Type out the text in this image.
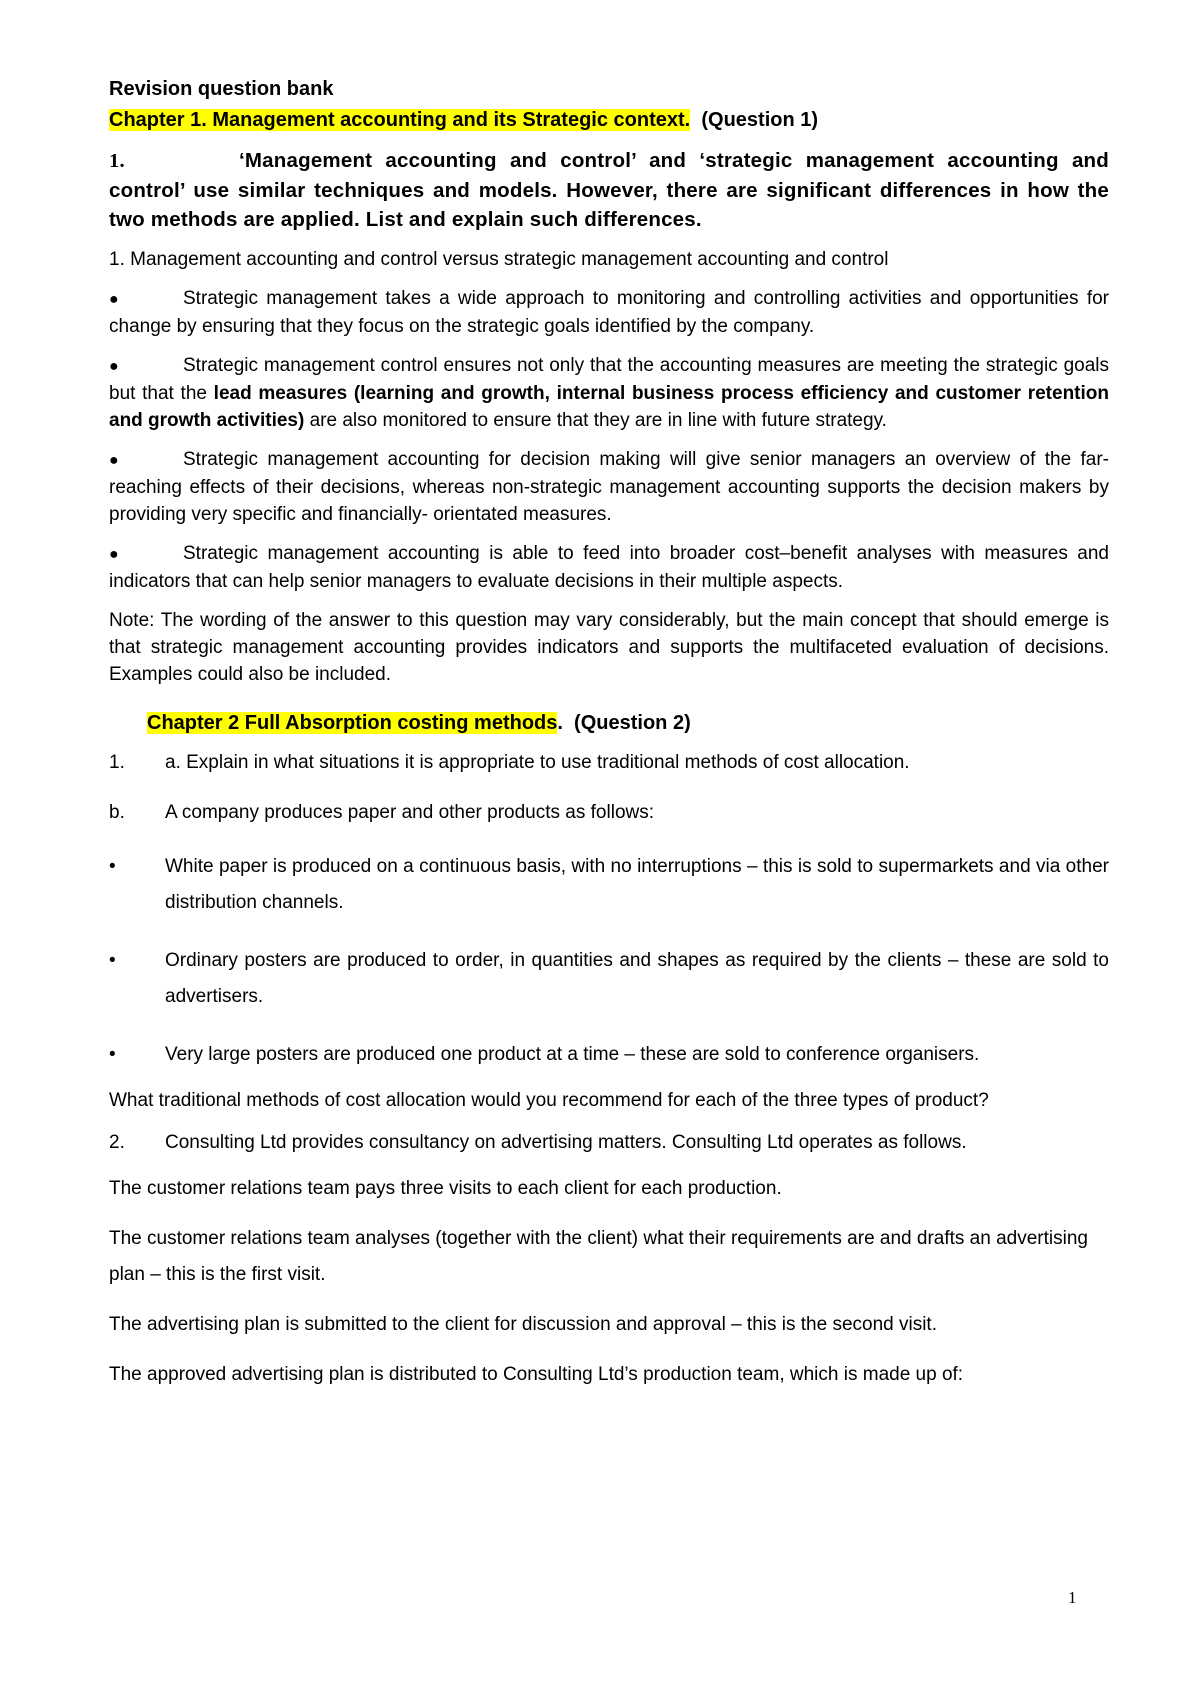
Revision question bank
Chapter 1. Management accounting and its Strategic context.  (Question 1)
1.	‘Management accounting and control’ and ‘strategic management accounting and control’ use similar techniques and models. However, there are significant differences in how the two methods are applied. List and explain such differences.
1. Management accounting and control versus strategic management accounting and control
●	Strategic management takes a wide approach to monitoring and controlling activities and opportunities for change by ensuring that they focus on the strategic goals identified by the company.
●	Strategic management control ensures not only that the accounting measures are meeting the strategic goals but that the lead measures (learning and growth, internal business process efficiency and customer retention and growth activities) are also monitored to ensure that they are in line with future strategy.
●	Strategic management accounting for decision making will give senior managers an overview of the far-reaching effects of their decisions, whereas non-strategic management accounting supports the decision makers by providing very specific and financially- orientated measures.
●	Strategic management accounting is able to feed into broader cost–benefit analyses with measures and indicators that can help senior managers to evaluate decisions in their multiple aspects.
Note: The wording of the answer to this question may vary considerably, but the main concept that should emerge is that strategic management accounting provides indicators and supports the multifaceted evaluation of decisions. Examples could also be included.
Chapter 2 Full Absorption costing methods.  (Question 2)
1.	a. Explain in what situations it is appropriate to use traditional methods of cost allocation.
b.	A company produces paper and other products as follows:
•	White paper is produced on a continuous basis, with no interruptions – this is sold to supermarkets and via other distribution channels.
•	Ordinary posters are produced to order, in quantities and shapes as required by the clients – these are sold to advertisers.
•	Very large posters are produced one product at a time – these are sold to conference organisers.
What traditional methods of cost allocation would you recommend for each of the three types of product?
2.	Consulting Ltd provides consultancy on advertising matters. Consulting Ltd operates as follows.
The customer relations team pays three visits to each client for each production.
The customer relations team analyses (together with the client) what their requirements are and drafts an advertising plan – this is the first visit.
The advertising plan is submitted to the client for discussion and approval – this is the second visit.
The approved advertising plan is distributed to Consulting Ltd’s production team, which is made up of:
1
